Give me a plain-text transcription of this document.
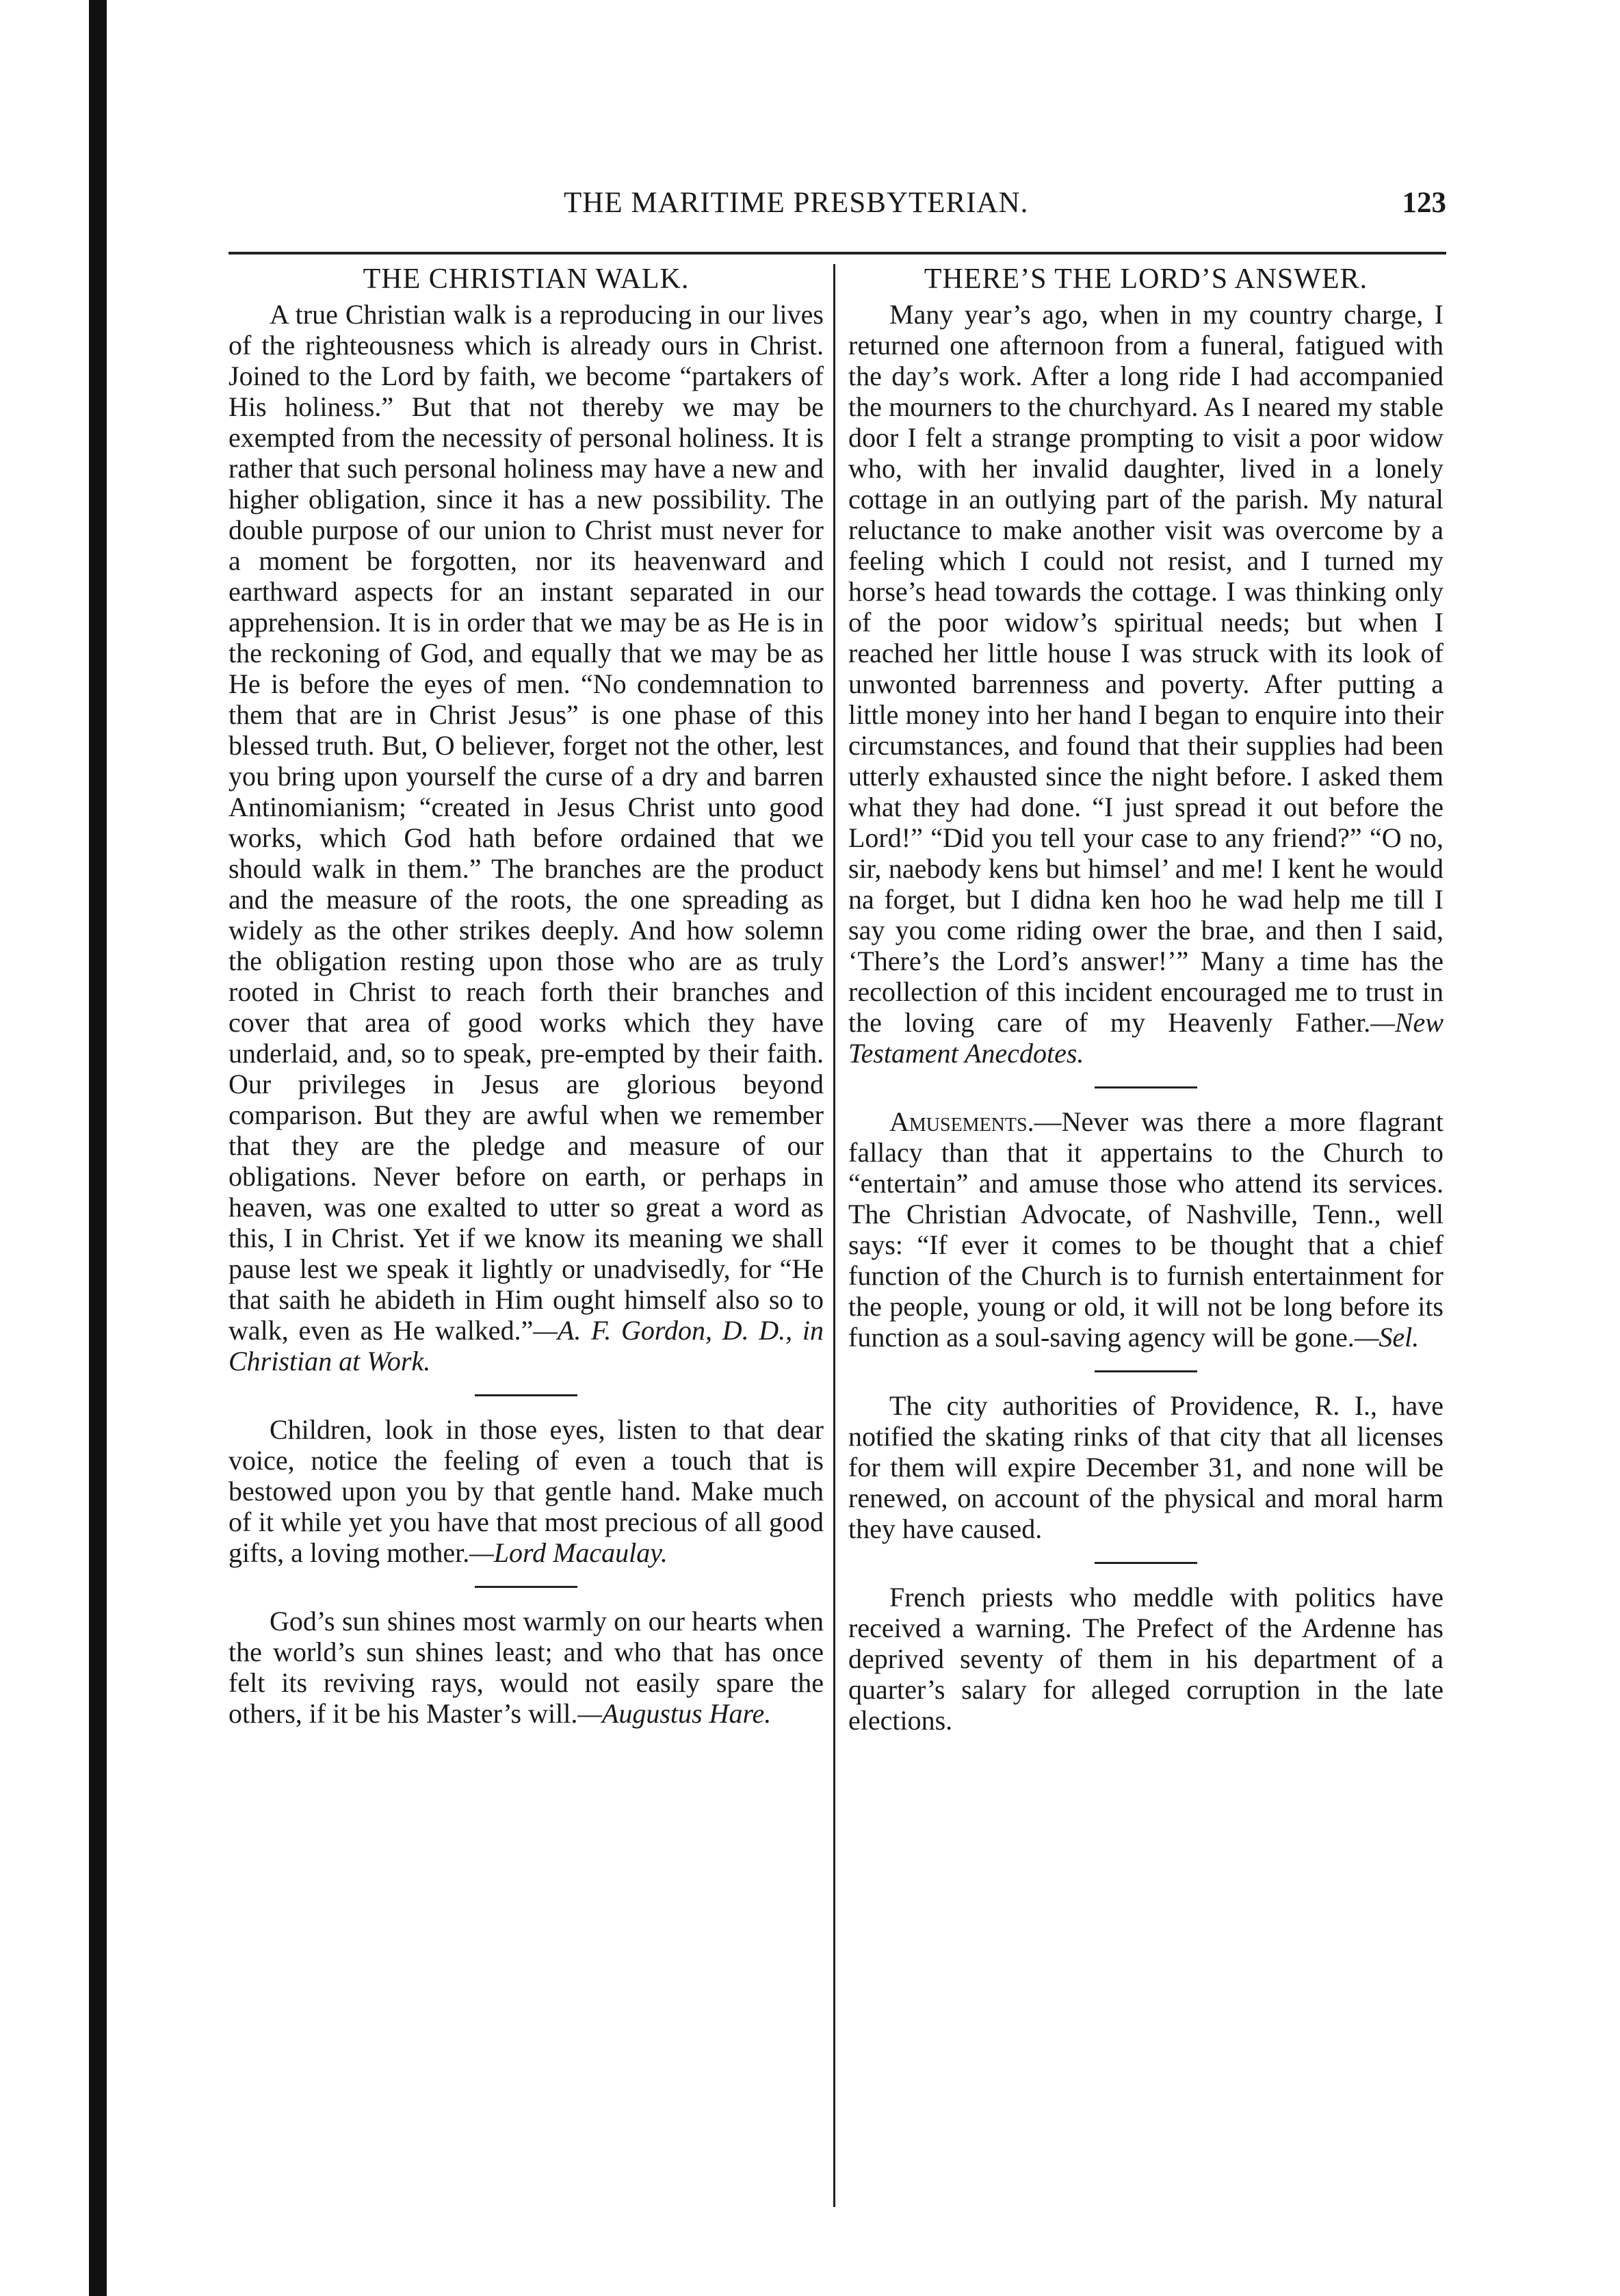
THE MARITIME PRESBYTERIAN.	123
THE CHRISTIAN WALK.

A true Christian walk is a reproducing in our lives of the righteousness which is already ours in Christ. Joined to the Lord by faith, we become “partakers of His holiness.” But that not thereby we may be exempted from the necessity of personal holiness. It is rather that such personal holiness may have a new and higher obligation, since it has a new possibility. The double purpose of our union to Christ must never for a moment be forgotten, nor its heavenward and earthward aspects for an instant separated in our apprehension. It is in order that we may be as He is in the reckoning of God, and equally that we may be as He is before the eyes of men. “No condemnation to them that are in Christ Jesus” is one phase of this blessed truth. But, O believer, forget not the other, lest you bring upon yourself the curse of a dry and barren Antinomianism; “created in Jesus Christ unto good works, which God hath before ordained that we should walk in them.” The branches are the product and the measure of the roots, the one spreading as widely as the other strikes deeply. And how solemn the obligation resting upon those who are as truly rooted in Christ to reach forth their branches and cover that area of good works which they have underlaid, and, so to speak, pre-empted by their faith. Our privileges in Jesus are glorious beyond comparison. But they are awful when we remember that they are the pledge and measure of our obligations. Never before on earth, or perhaps in heaven, was one exalted to utter so great a word as this, I in Christ. Yet if we know its meaning we shall pause lest we speak it lightly or unadvisedly, for “He that saith he abideth in Him ought himself also so to walk, even as He walked.”—A. F. Gordon, D. D., in Christian at Work.

Children, look in those eyes, listen to that dear voice, notice the feeling of even a touch that is bestowed upon you by that gentle hand. Make much of it while yet you have that most precious of all good gifts, a loving mother.—Lord Macaulay.

God’s sun shines most warmly on our hearts when the world’s sun shines least; and who that has once felt its reviving rays, would not easily spare the others, if it be his Master’s will.—Augustus Hare.

THERE’S THE LORD’S ANSWER.

Many year’s ago, when in my country charge, I returned one afternoon from a funeral, fatigued with the day’s work. After a long ride I had accompanied the mourners to the churchyard. As I neared my stable door I felt a strange prompting to visit a poor widow who, with her invalid daughter, lived in a lonely cottage in an outlying part of the parish. My natural reluctance to make another visit was overcome by a feeling which I could not resist, and I turned my horse’s head towards the cottage. I was thinking only of the poor widow’s spiritual needs; but when I reached her little house I was struck with its look of unwonted barrenness and poverty. After putting a little money into her hand I began to enquire into their circumstances, and found that their supplies had been utterly exhausted since the night before. I asked them what they had done. “I just spread it out before the Lord!” “Did you tell your case to any friend?” “O no, sir, naebody kens but himsel’ and me! I kent he would na forget, but I didna ken hoo he wad help me till I say you come riding ower the brae, and then I said, ‘There’s the Lord’s answer!’” Many a time has the recollection of this incident encouraged me to trust in the loving care of my Heavenly Father.—New Testament Anecdotes.

Amusements.—Never was there a more flagrant fallacy than that it appertains to the Church to “entertain” and amuse those who attend its services. The Christian Advocate, of Nashville, Tenn., well says: “If ever it comes to be thought that a chief function of the Church is to furnish entertainment for the people, young or old, it will not be long before its function as a soul-saving agency will be gone.—Sel.

The city authorities of Providence, R. I., have notified the skating rinks of that city that all licenses for them will expire December 31, and none will be renewed, on account of the physical and moral harm they have caused.

French priests who meddle with politics have received a warning. The Prefect of the Ardenne has deprived seventy of them in his department of a quarter’s salary for alleged corruption in the late elections.
